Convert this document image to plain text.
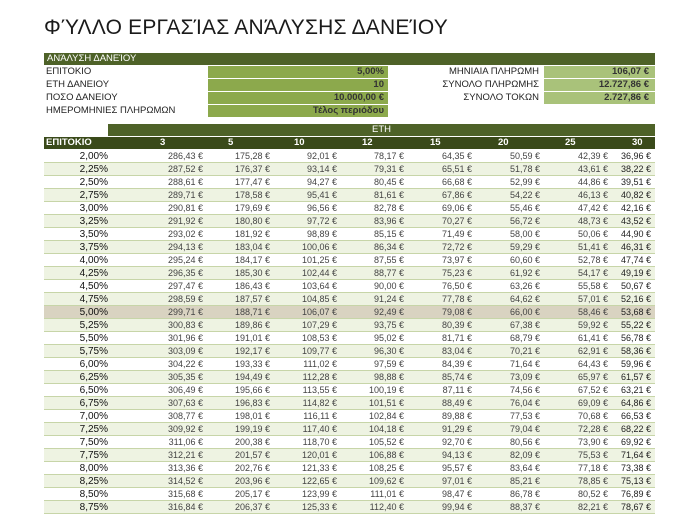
ΦΎΛΛΟ ΕΡΓΑΣΊΑΣ ΑΝΆΛΥΣΗΣ ΔΑΝΕΊΟΥ
ΑΝΆΛΥΣΗ ΔΑΝΕΊΟΥ
ΕΠΙΤΟΚΙΟ	5,00%
ΕΤΗ ΔΑΝΕΙΟΥ	10
ΠΟΣΟ ΔΑΝΕΙΟΥ	10.000,00 €
ΗΜΕΡΟΜΗΝΙΕΣ ΠΛΗΡΩΜΩΝ	Τέλος περιόδου
ΜΗΝΙΑΙΑ ΠΛΗΡΩΜΗ	106,07 €
ΣΥΝΟΛΟ ΠΛΗΡΩΜΗΣ	12.727,86 €
ΣΥΝΟΛΟ ΤΟΚΩΝ	2.727,86 €
ΕΤΗ
ΕΠΙΤΟΚΙΟ	3	5	10	12	15	20	25	30
2,00%	286,43 €	175,28 €	92,01 €	78,17 €	64,35 €	50,59 €	42,39 €	36,96 €
2,25%	287,52 €	176,37 €	93,14 €	79,31 €	65,51 €	51,78 €	43,61 €	38,22 €
2,50%	288,61 €	177,47 €	94,27 €	80,45 €	66,68 €	52,99 €	44,86 €	39,51 €
2,75%	289,71 €	178,58 €	95,41 €	81,61 €	67,86 €	54,22 €	46,13 €	40,82 €
3,00%	290,81 €	179,69 €	96,56 €	82,78 €	69,06 €	55,46 €	47,42 €	42,16 €
3,25%	291,92 €	180,80 €	97,72 €	83,96 €	70,27 €	56,72 €	48,73 €	43,52 €
3,50%	293,02 €	181,92 €	98,89 €	85,15 €	71,49 €	58,00 €	50,06 €	44,90 €
3,75%	294,13 €	183,04 €	100,06 €	86,34 €	72,72 €	59,29 €	51,41 €	46,31 €
4,00%	295,24 €	184,17 €	101,25 €	87,55 €	73,97 €	60,60 €	52,78 €	47,74 €
4,25%	296,35 €	185,30 €	102,44 €	88,77 €	75,23 €	61,92 €	54,17 €	49,19 €
4,50%	297,47 €	186,43 €	103,64 €	90,00 €	76,50 €	63,26 €	55,58 €	50,67 €
4,75%	298,59 €	187,57 €	104,85 €	91,24 €	77,78 €	64,62 €	57,01 €	52,16 €
5,00%	299,71 €	188,71 €	106,07 €	92,49 €	79,08 €	66,00 €	58,46 €	53,68 €
5,25%	300,83 €	189,86 €	107,29 €	93,75 €	80,39 €	67,38 €	59,92 €	55,22 €
5,50%	301,96 €	191,01 €	108,53 €	95,02 €	81,71 €	68,79 €	61,41 €	56,78 €
5,75%	303,09 €	192,17 €	109,77 €	96,30 €	83,04 €	70,21 €	62,91 €	58,36 €
6,00%	304,22 €	193,33 €	111,02 €	97,59 €	84,39 €	71,64 €	64,43 €	59,96 €
6,25%	305,35 €	194,49 €	112,28 €	98,88 €	85,74 €	73,09 €	65,97 €	61,57 €
6,50%	306,49 €	195,66 €	113,55 €	100,19 €	87,11 €	74,56 €	67,52 €	63,21 €
6,75%	307,63 €	196,83 €	114,82 €	101,51 €	88,49 €	76,04 €	69,09 €	64,86 €
7,00%	308,77 €	198,01 €	116,11 €	102,84 €	89,88 €	77,53 €	70,68 €	66,53 €
7,25%	309,92 €	199,19 €	117,40 €	104,18 €	91,29 €	79,04 €	72,28 €	68,22 €
7,50%	311,06 €	200,38 €	118,70 €	105,52 €	92,70 €	80,56 €	73,90 €	69,92 €
7,75%	312,21 €	201,57 €	120,01 €	106,88 €	94,13 €	82,09 €	75,53 €	71,64 €
8,00%	313,36 €	202,76 €	121,33 €	108,25 €	95,57 €	83,64 €	77,18 €	73,38 €
8,25%	314,52 €	203,96 €	122,65 €	109,62 €	97,01 €	85,21 €	78,85 €	75,13 €
8,50%	315,68 €	205,17 €	123,99 €	111,01 €	98,47 €	86,78 €	80,52 €	76,89 €
8,75%	316,84 €	206,37 €	125,33 €	112,40 €	99,94 €	88,37 €	82,21 €	78,67 €
